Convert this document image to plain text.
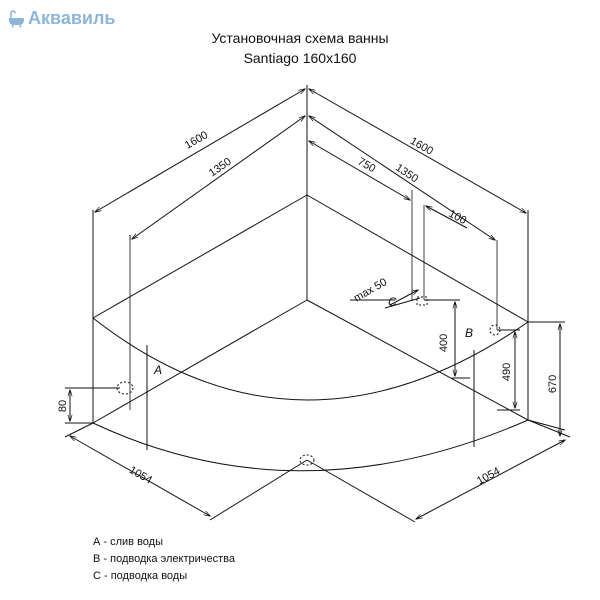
Аквавиль
Установочная схема ванны
Santiago 160x160
1600
1350
1600
1350
750
100
max 50
400
490
670
80
1054	1054
A
B
C
А - слив воды
В - подводка электричества
С - подводка воды
